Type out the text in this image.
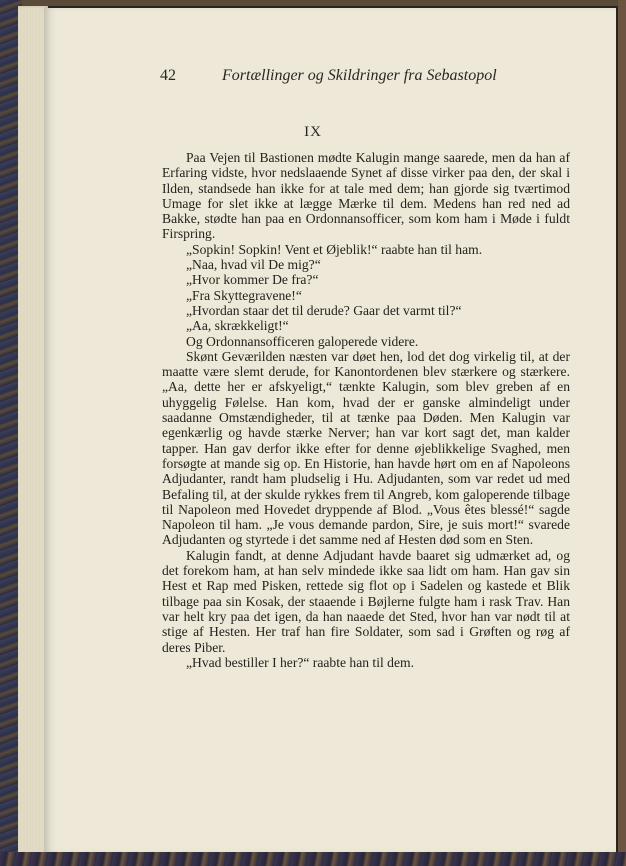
42	Fortællinger og Skildringer fra Sebastopol
IX

Paa Vejen til Bastionen mødte Kalugin mange saarede, men da han af Erfaring vidste, hvor nedslaaende Synet af disse virker paa den, der skal i Ilden, standsede han ikke for at tale med dem; han gjorde sig tværtimod Umage for slet ikke at lægge Mærke til dem. Medens han red ned ad Bakke, stødte han paa en Ordonnansofficer, som kom ham i Møde i fuldt Firspring.

„Sopkin! Sopkin! Vent et Øjeblik!“ raabte han til ham.

„Naa, hvad vil De mig?“

„Hvor kommer De fra?“

„Fra Skyttegravene!“

„Hvordan staar det til derude? Gaar det varmt til?“

„Aa, skrækkeligt!“

Og Ordonnansofficeren galoperede videre.

Skønt Geværilden næsten var døet hen, lod det dog virkelig til, at der maatte være slemt derude, for Kanontordenen blev stærkere og stærkere. „Aa, dette her er afskyeligt,“ tænkte Kalugin, som blev greben af en uhyggelig Følelse. Han kom, hvad der er ganske almindeligt under saadanne Omstændigheder, til at tænke paa Døden. Men Kalugin var egenkærlig og havde stærke Nerver; han var kort sagt det, man kalder tapper. Han gav derfor ikke efter for denne øjeblikkelige Svaghed, men forsøgte at mande sig op. En Historie, han havde hørt om en af Napoleons Adjudanter, randt ham pludselig i Hu. Adjudanten, som var redet ud med Befaling til, at der skulde rykkes frem til Angreb, kom galoperende tilbage til Napoleon med Hovedet dryppende af Blod. „Vous êtes blessé!“ sagde Napoleon til ham. „Je vous demande pardon, Sire, je suis mort!“ svarede Adjudanten og styrtede i det samme ned af Hesten død som en Sten.

Kalugin fandt, at denne Adjudant havde baaret sig udmærket ad, og det forekom ham, at han selv mindede ikke saa lidt om ham. Han gav sin Hest et Rap med Pisken, rettede sig flot op i Sadelen og kastede et Blik tilbage paa sin Kosak, der staaende i Bøjlerne fulgte ham i rask Trav. Han var helt kry paa det igen, da han naaede det Sted, hvor han var nødt til at stige af Hesten. Her traf han fire Soldater, som sad i Grøften og røg af deres Piber.

„Hvad bestiller I her?“ raabte han til dem.
